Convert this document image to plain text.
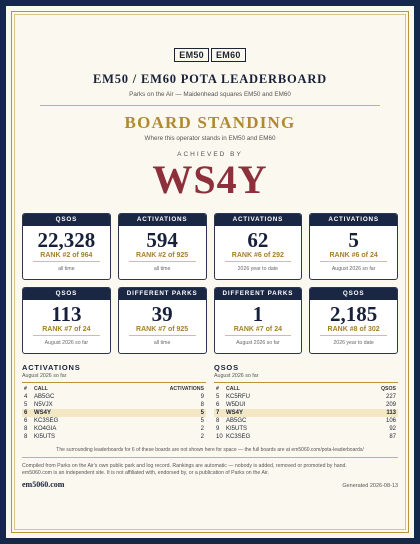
EM50	EM60
EM50 / EM60 POTA LEADERBOARD
Parks on the Air — Maidenhead squares EM50 and EM60
BOARD STANDING
Where this operator stands in EM50 and EM60
ACHIEVED BY
WS4Y
QSOS
22,328
RANK #2 of 964
all time
ACTIVATIONS
594
RANK #2 of 925
all time
ACTIVATIONS
62
RANK #6 of 292
2026 year to date
ACTIVATIONS
5
RANK #6 of 24
August 2026 so far
QSOS
113
RANK #7 of 24
August 2026 so far
DIFFERENT PARKS
39
RANK #7 of 925
all time
DIFFERENT PARKS
1
RANK #7 of 24
August 2026 so far
QSOS
2,185
RANK #8 of 302
2026 year to date
ACTIVATIONS
August 2026 so far
#	CALL	ACTIVATIONS
4	AB5GC	9
5	N5VJX	8
6	WS4Y	5
6	KC3SEG	5
8	KO4GIA	2
8	KI5UTS	2
QSOS
August 2026 so far
#	CALL	QSOS
5	KC5RFU	227
6	W5DUI	209
7	WS4Y	113
8	AB5GC	106
9	KI5UTS	92
10 KC3SEG	87
The surrounding leaderboards for 6 of these boards are not shown here for space — the full boards are at em5060.com/pota-leaderboards/
Compiled from Parks on the Air's own public park and log record. Rankings are automatic — nobody is added, removed or promoted by hand.
em5060.com is an independent site. It is not affiliated with, endorsed by, or a publication of Parks on the Air.
em5060.com	Generated 2026-08-13
